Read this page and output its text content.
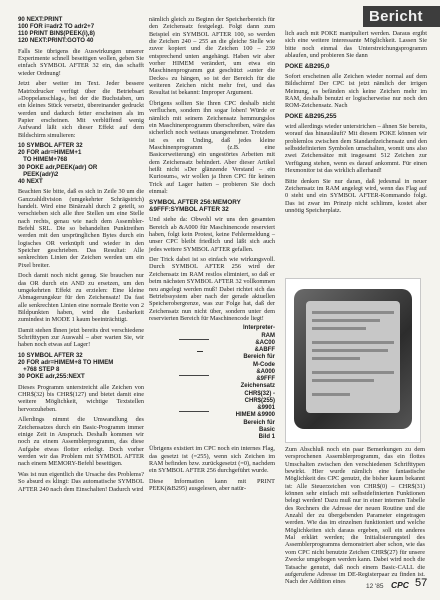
Bericht
90 NEXT:PRINT
100 FOR i=adr2 TO adr2+7
110 PRINT BIN$(PEEK(i),8)
120 NEXT:PRINT:GOTO 40

Falls Sie übrigens die Auswirkungen unserer Experimente schnell beseitigen wollen, geben Sie einfach SYMBOL AFTER 32 ein, das schafft wieder Ordnung!

Jetzt aber weiter im Text. Jeder bessere Matrixdrucker verfügt über die Betriebsart »Doppelanschlag«, bei der die Buchstaben, um ein kleines Stück versetzt, übereinander gedruckt werden und dadurch fetter erscheinen als im Papier erscheinen. Mit verblüffend wenig Aufwand läßt sich dieser Effekt auf dem Bildschirm simulieren:

10 SYMBOL AFTER 32
20 FOR adr=HIMEM+1
TO HIMEM+768
30 POKE adr,PEEK(adr) OR
PEEK(adr)\2
40 NEXT

Beachten Sie bitte, daß es sich in Zeile 30 um die Ganzzahldivision (umgekehrter Schrägstrich) handelt. Wird eine Binärzahl durch 2 geteilt, so verschieben sich alle ihre Stellen um eine Stelle nach rechts, genau wie nach dem Assembler-Befehl SRL. Die so behandelten Punktreihen werden mit den ursprünglichen Bytes durch ein logisches OR verknüpft und wieder in den Speicher geschrieben. Das Resultat: Alle senkrechten Linien der Zeichen werden um ein Pixel breiter.

Doch damit noch nicht genug. Sie brauchen nur das OR durch ein AND zu ersetzen, um den umgekehrten Effekt zu erzielen: Eine kleine Abmagerungskur für den Zeichensatz! Da fast alle senkrechten Linien eine normale Breite von 2 Bildpunkten haben, wird die Lesbarkeit zumindest in MODE 1 kaum beeinträchtigt.

Damit stehen Ihnen jetzt bereits drei verschiedene Schrifttypen zur Auswahl – aber warten Sie, wir haben noch etwas auf Lager!

10 SYMBOL AFTER 32
20 FOR adr=HIMEM+8 TO HIMEM
+768 STEP 8
30 POKE adr,255:NEXT

Dieses Programm unterstreicht alle Zeichen von CHR$(32) bis CHR$(127) und bietet damit eine weitere Möglichkeit, wichtige Textstellen hervorzuheben.

Allerdings nimmt die Umwandlung des Zeichensatzes durch ein Basic-Programm immer einige Zeit in Anspruch. Deshalb kommen wir noch zu einem Assemblerprogramm, das diese Aufgabe etwas flotter erledigt. Doch vorher werden wir das Problem mit SYMBOL AFTER nach einem MEMORY-Befehl beseitigen.

Was ist nun eigentlich die Ursache des Problems? So absurd es klingt: Das automatische SYMBOL AFTER 240 nach dem Einschalten! Dadurch wird

nämlich gleich zu Beginn der Speicherbereich für den Zeichensatz festgelegt. Folgt dann zum Beispiel ein SYMBOL AFTER 100, so werden die Zeichen 240 – 255 an die gleiche Stelle wie zuvor kopiert und die Zeichen 100 – 239 entsprechend unten angehängt. Haben wir aber vorher HIMEM verändert, um etwa ein Maschinenprogramm gut geschützt »unter die Decke« zu hängen, so ist der Bereich für die weiteren Zeichen nicht mehr frei, und das Resultat ist bekannt: Improper Argument.

Übrigens sollten Sie Ihren CPC deshalb nicht verfluchen, sondern ihn sogar loben! Würde er nämlich mit seinem Zeichensatz hemmungslos ein Maschinenprogramm überschreiben, wäre das sicherlich noch weitaus unangenehmer. Trotzdem ist es ein Unding, daß jedes kleine Maschinenprogramm (z.B. eine Basicerweiterung) ein ungestörtes Arbeiten mit dem Zeichensatz behindert. Aber dieser Artikel heißt nicht »Der glänzende Verstand – ein Kuriosum«, wir wollen ja Ihren CPC für keinen Trick auf Lager hatten – probieren Sie doch einmal:

SYMBOL AFTER 256:MEMORY &9FFF:SYMBOL AFTER 32

Und siehe da: Obwohl wir uns den gesamten Bereich ab &A000 für Maschinencode reserviert haben, folgt kein Protest, keine Fehlermeldung – unser CPC bleibt friedlich und läßt sich auch jedes weitere SYMBOL AFTER gefallen.

Der Trick dabei ist so einfach wie wirkungsvoll. Durch SYMBOL AFTER 256 wird der Zeichensatz im RAM restlos eliminiert, so daß er beim nächsten SYMBOL AFTER 32 vollkommen neu angelegt werden muß! Dabei richtet sich das Betriebssystem aber nach der gerade aktuellen Speicherobergrenze, was zur Folge hat, daß der Zeichensatz nun nicht über, sondern unter dem reservierten Bereich für Maschinencode liegt!

Interpreter-
RAM
&AC00
&ABFF
Bereich für
M-Code
&A000
&9FFF
Zeichensatz
CHR$(32) -
CHR$(255)
&9901
HIMEM &9900
Bereich für
Basic
Bild 1

Übrigens existiert im CPC noch ein internes Flag, das gesetzt ist (=255), wenn sich Zeichen im RAM befinden bzw. zurückgesetzt (=0), nachdem ein SYMBOL AFTER 256 durchgeführt wurde.

Diese Information kann mit PRINT PEEK(&B295) ausgelesen, aber natür-

lich auch mit POKE manipuliert werden. Daraus ergibt sich eine weitere interessante Möglichkeit. Lassen Sie bitte noch einmal das Unterstreichungsprogramm ablaufen, und probieren Sie dann

POKE &B295,0

Sofort erscheinen alle Zeichen wieder normal auf dem Bildschirm! Der CPC ist jetzt nämlich der irrigen Meinung, es befänden sich keine Zeichen mehr im RAM, deshalb benutzt er logischerweise nur noch den ROM-Zeichensatz. Nach

POKE &B295,255

wird allerdings wieder unterstrichen – ähnen Sie bereits, worauf das hinausläuft? Mit diesem POKE können wir problemlos zwischen dem Standardzeichensatz und den selbstdefinierten Symbolen umschalten, womit uns also zwei Zeichensätze mit insgesamt 512 Zeichen zur Verfügung stehen, wenn es darauf ankommt. Für einen Hexmonitor ist das wirklich allerhand!

Bitte denken Sie nur daran, daß jedesmal in neuer Zeichensatz im RAM angelegt wird, wenn das Flag auf 0 steht und ein SYMBOL AFTER-Kommando folgt. Das ist zwar im Prinzip nicht schlimm, kostet aber unnötig Speicherplatz.

Zum Abschluß noch ein paar Bemerkungen zu dem versprochenen Assemblerprogramm, das ein flottes Umschalten zwischen den verschiedenen Schrifttypen bewirkt. Hier wurde nämlich eine fantastische Möglichkeit des CPC genutzt, die bisher kaum bekannt ist: Alle Steuerzeichen von CHR$(0) – CHR$(31) können sehr einfach mit selbstdefinierten Funktionen belegt werden! Dazu muß nur in einer internen Tabelle des Rechners die Adresse der neuen Routine und die Anzahl der zu übergebenden Parameter eingetragen werden. Wie das im einzelnen funktioniert und welche Möglichkeiten sich daraus ergeben, soll ein anderes Mal erklärt werden; die Initialisierungsteil des Assemblerprogramms demonstriert aber schon, wie das vom CPC nicht benutzte Zeichen CHR$(27) für unsere Zwecke umgebogen werden kann. Dabei wird noch die Tatsache genutzt, daß noch einem Basic-CALL die aufgerufene Adresse im DE-Registerpaar zu finden ist. Nach der Addition eines

12 '85 CPC 57
